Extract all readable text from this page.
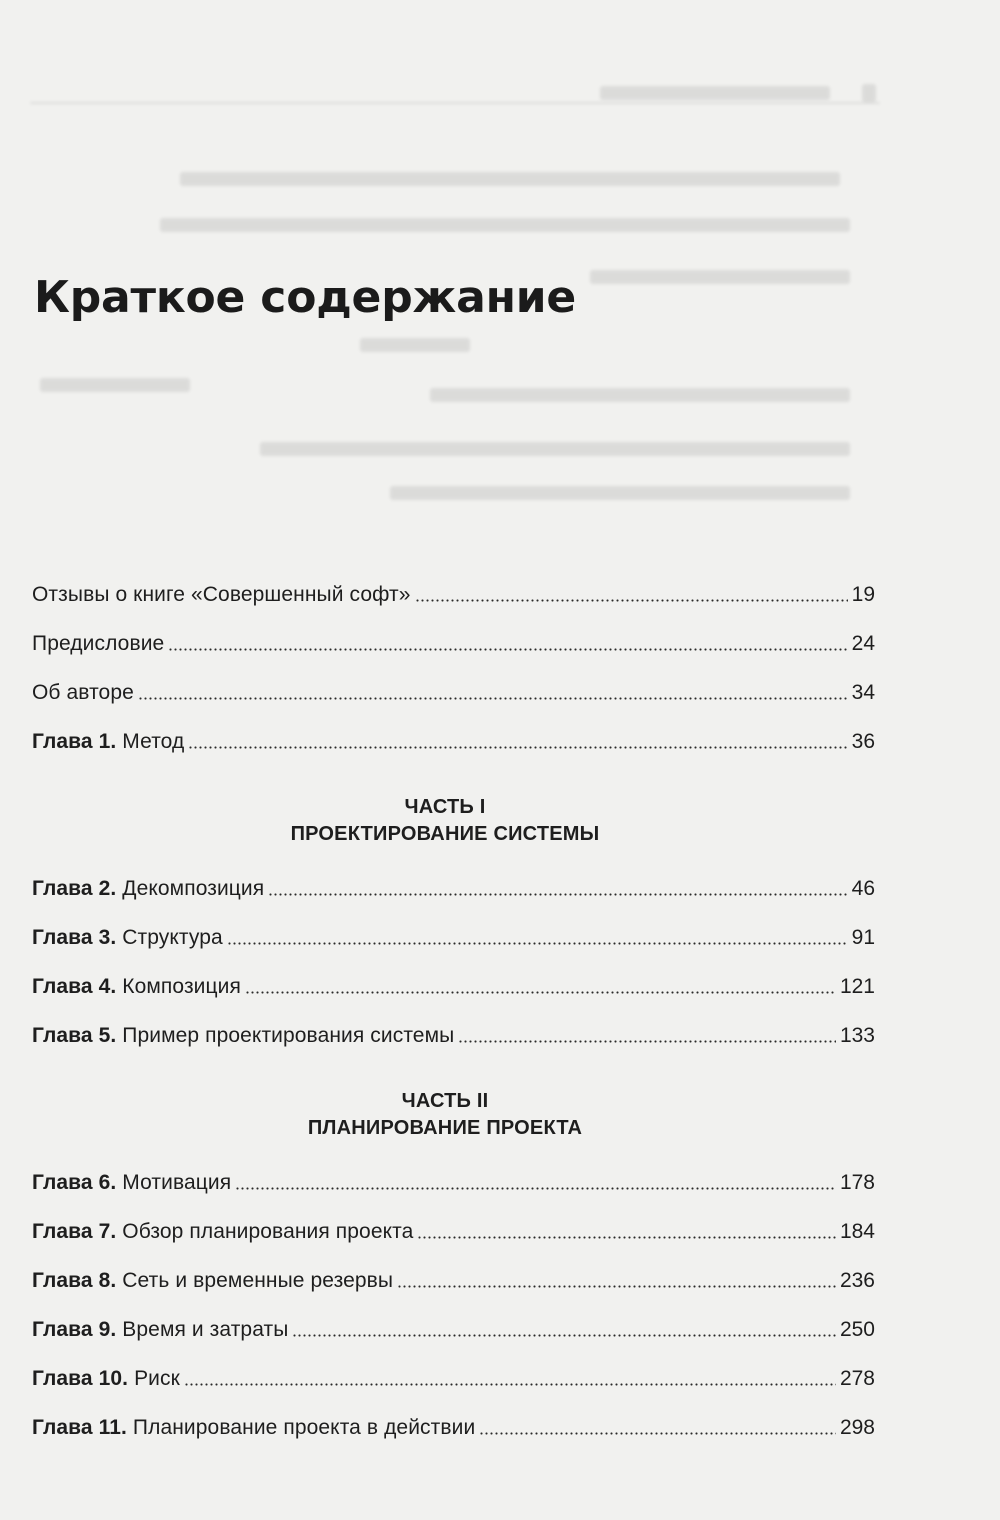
Краткое содержание
Отзывы о книге «Совершенный софт»	19
Предисловие	24
Об авторе	34
Глава 1. Метод	36
ЧАСТЬ I
ПРОЕКТИРОВАНИЕ СИСТЕМЫ
Глава 2. Декомпозиция	46
Глава 3. Структура	91
Глава 4. Композиция	121
Глава 5. Пример проектирования системы	133
ЧАСТЬ II
ПЛАНИРОВАНИЕ ПРОЕКТА
Глава 6. Мотивация	178
Глава 7. Обзор планирования проекта	184
Глава 8. Сеть и временные резервы	236
Глава 9. Время и затраты	250
Глава 10. Риск	278
Глава 11. Планирование проекта в действии	298
